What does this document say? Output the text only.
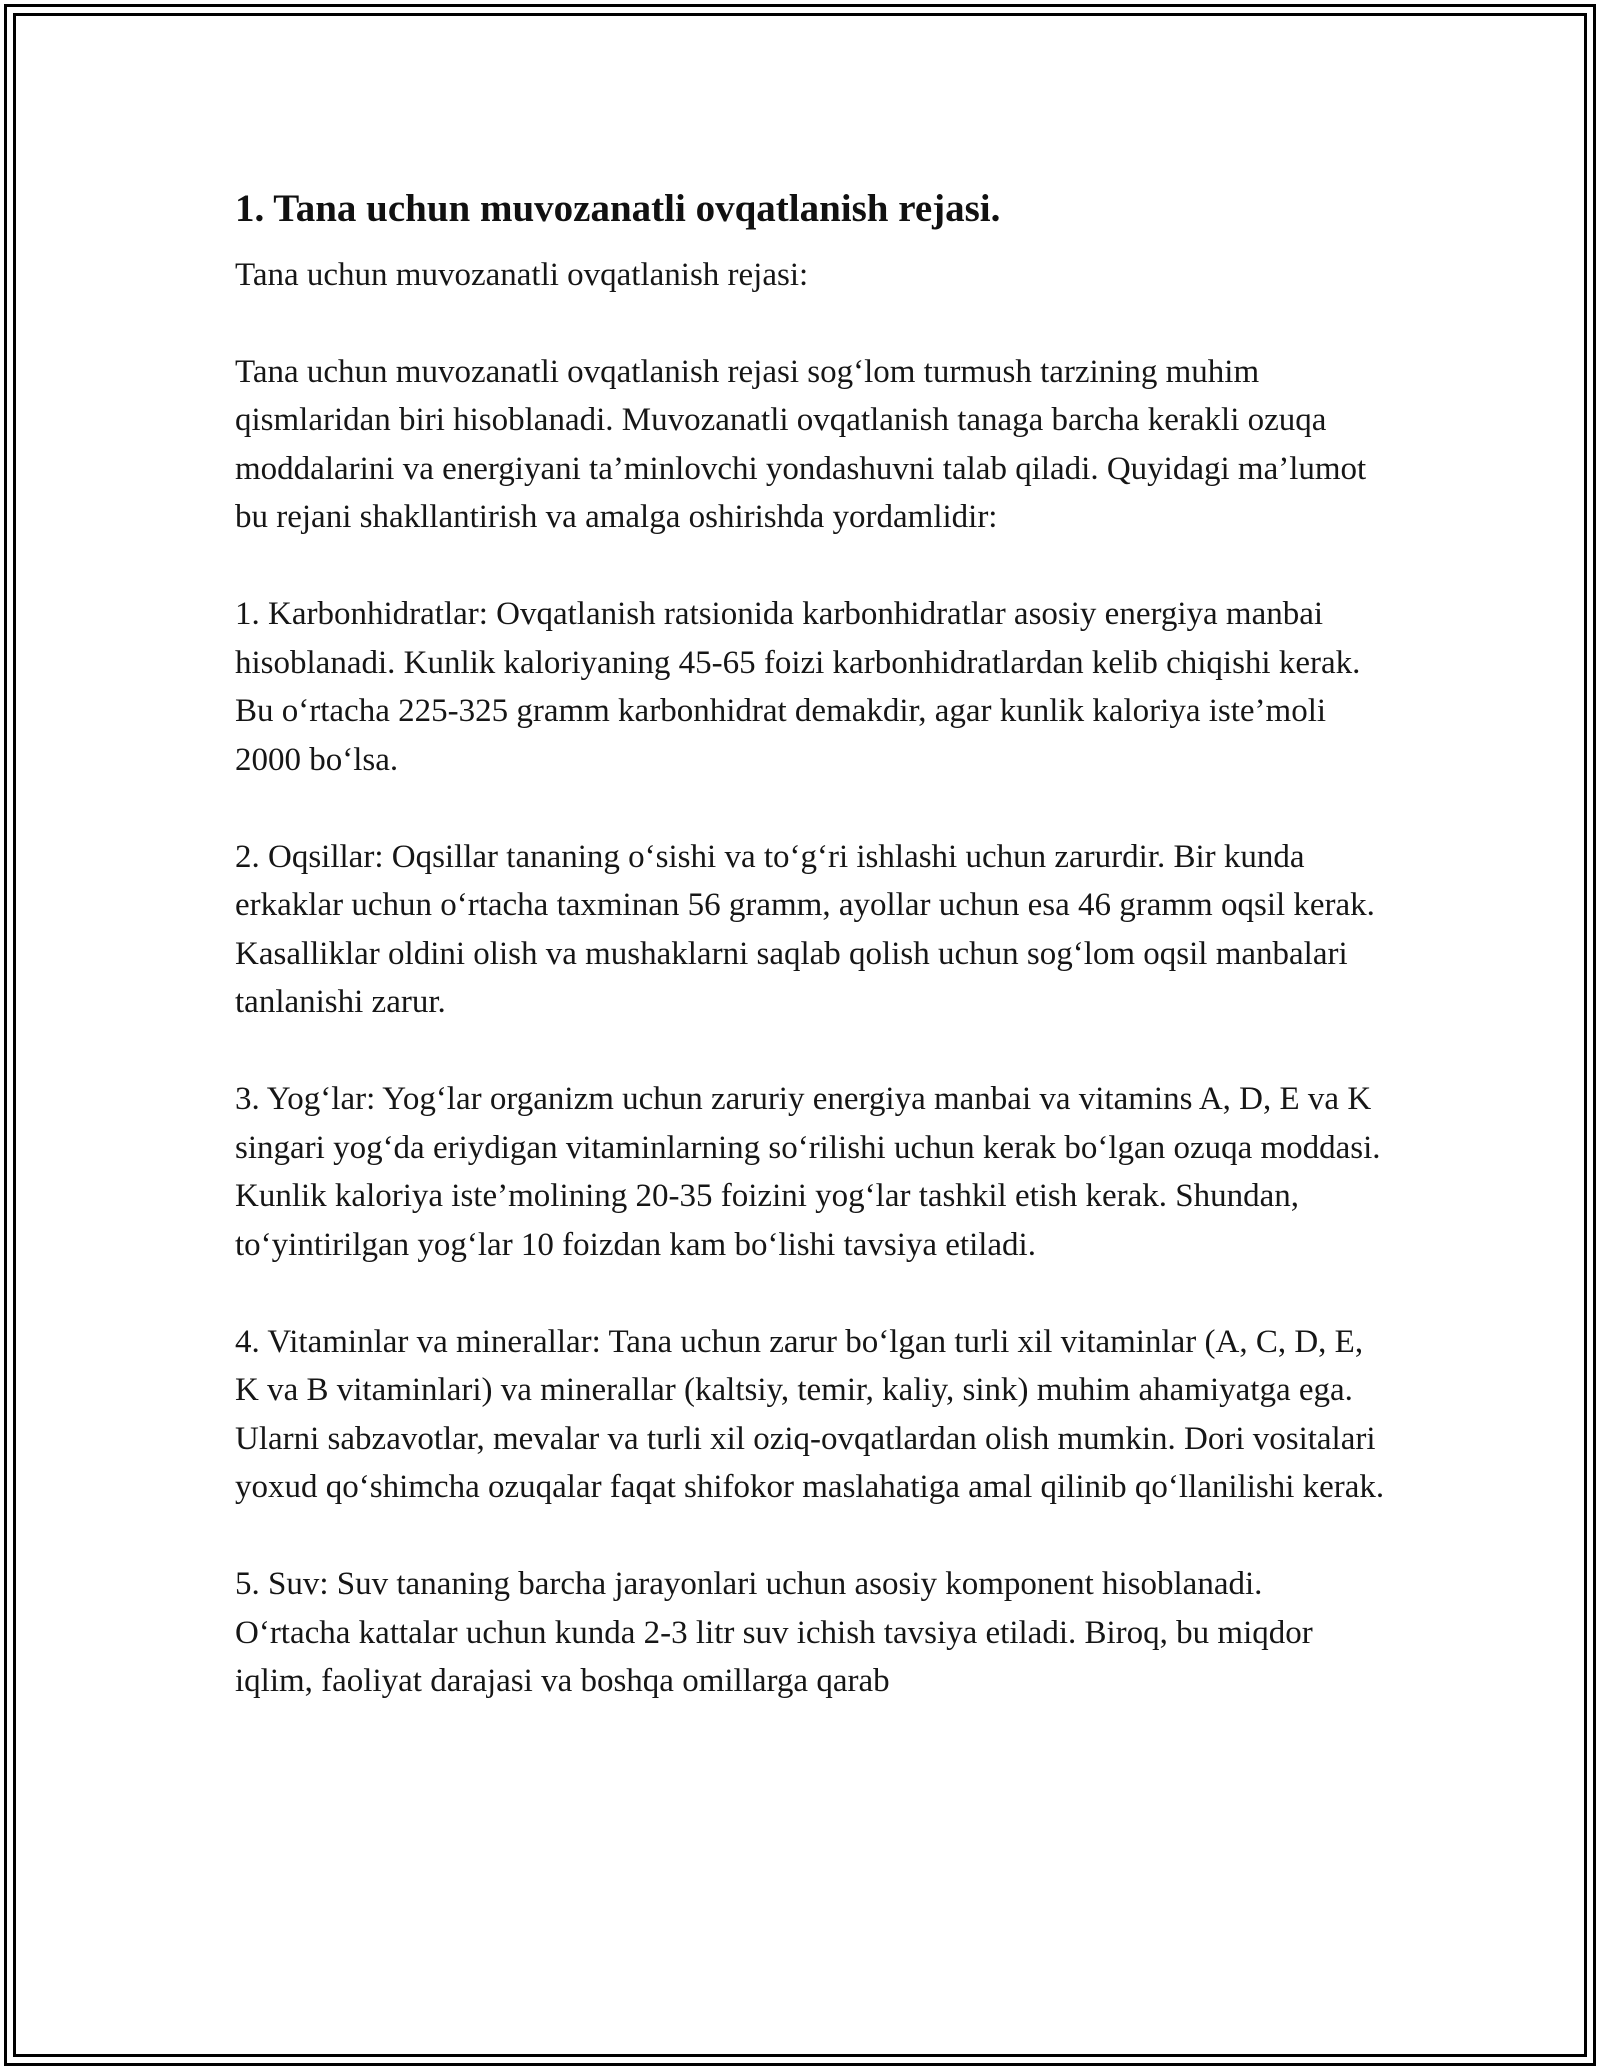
1. Tana uchun muvozanatli ovqatlanish rejasi.

Tana uchun muvozanatli ovqatlanish rejasi:

Tana uchun muvozanatli ovqatlanish rejasi sog‘lom turmush tarzining muhim qismlaridan biri hisoblanadi. Muvozanatli ovqatlanish tanaga barcha kerakli ozuqa moddalarini va energiyani ta’minlovchi yondashuvni talab qiladi. Quyidagi ma’lumot bu rejani shakllantirish va amalga oshirishda yordamlidir:

1. Karbonhidratlar: Ovqatlanish ratsionida karbonhidratlar asosiy energiya manbai hisoblanadi. Kunlik kaloriyaning 45-65 foizi karbonhidratlardan kelib chiqishi kerak. Bu o‘rtacha 225-325 gramm karbonhidrat demakdir, agar kunlik kaloriya iste’moli 2000 bo‘lsa.

2. Oqsillar: Oqsillar tananing o‘sishi va to‘g‘ri ishlashi uchun zarurdir. Bir kunda erkaklar uchun o‘rtacha taxminan 56 gramm, ayollar uchun esa 46 gramm oqsil kerak. Kasalliklar oldini olish va mushaklarni saqlab qolish uchun sog‘lom oqsil manbalari tanlanishi zarur.

3. Yog‘lar: Yog‘lar organizm uchun zaruriy energiya manbai va vitamins A, D, E va K singari yog‘da eriydigan vitaminlarning so‘rilishi uchun kerak bo‘lgan ozuqa moddasi. Kunlik kaloriya iste’molining 20-35 foizini yog‘lar tashkil etish kerak. Shundan, to‘yintirilgan yog‘lar 10 foizdan kam bo‘lishi tavsiya etiladi.

4. Vitaminlar va minerallar: Tana uchun zarur bo‘lgan turli xil vitaminlar (A, C, D, E, K va B vitaminlari) va minerallar (kaltsiy, temir, kaliy, sink) muhim ahamiyatga ega. Ularni sabzavotlar, mevalar va turli xil oziq-ovqatlardan olish mumkin. Dori vositalari yoxud qo‘shimcha ozuqalar faqat shifokor maslahatiga amal qilinib qo‘llanilishi kerak.

5. Suv: Suv tananing barcha jarayonlari uchun asosiy komponent hisoblanadi. O‘rtacha kattalar uchun kunda 2-3 litr suv ichish tavsiya etiladi. Biroq, bu miqdor iqlim, faoliyat darajasi va boshqa omillarga qarab
